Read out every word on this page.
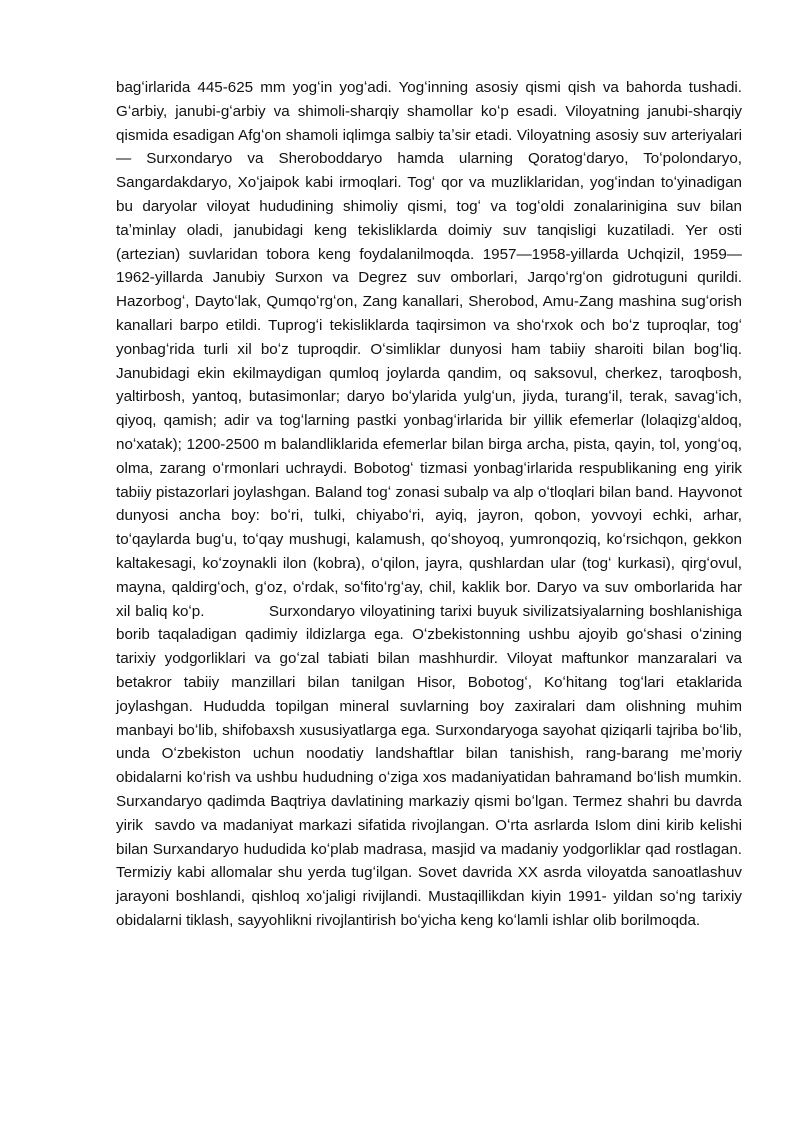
bagʻirlarida 445-625 mm yogʻin yogʻadi. Yogʻinning asosiy qismi qish va bahorda tushadi. Gʻarbiy, janubi-gʻarbiy va shimoli-sharqiy shamollar koʻp esadi. Viloyatning janubi-sharqiy qismida esadigan Afgʻon shamoli iqlimga salbiy taʼsir etadi. Viloyatning asosiy suv arteriyalari — Surxondaryo va Sheroboddaryo hamda ularning Qoratogʻdaryo, Toʻpolondaryo, Sangardakdaryo, Xoʻjaipok kabi irmoqlari. Togʻ qor va muzliklaridan, yogʻindan toʻyinadigan bu daryolar viloyat hududining shimoliy qismi, togʻ va togʻoldi zonalarinigina suv bilan taʼminlay oladi, janubidagi keng tekisliklarda doimiy suv tanqisligi kuzatiladi. Yer osti (artezian) suvlaridan tobora keng foydalanilmoqda. 1957—1958-yillarda Uchqizil, 1959—1962-yillarda Janubiy Surxon va Degrez suv omborlari, Jarqoʻrgʻon gidrotuguni qurildi. Hazorbogʻ, Daytoʻlak, Qumqoʻrgʻon, Zang kanallari, Sherobod, Amu-Zang mashina sugʻorish kanallari barpo etildi. Tuprogʻi tekisliklarda taqirsimon va shoʻrxok och boʻz tuproqlar, togʻ yonbagʻrida turli xil boʻz tuproqdir. Oʻsimliklar dunyosi ham tabiiy sharoiti bilan bogʻliq. Janubidagi ekin ekilmaydigan qumloq joylarda qandim, oq saksovul, cherkez, taroqbosh, yaltirbosh, yantoq, butasimonlar; daryo boʻylarida yulgʻun, jiyda, turangʻil, terak, savagʻich, qiyoq, qamish; adir va togʻlarning pastki yonbagʻirlarida bir yillik efemerlar (lolaqizgʻaldoq, noʻxatak); 1200-2500 m balandliklarida efemerlar bilan birga archa, pista, qayin, tol, yongʻoq, olma, zarang oʻrmonlari uchraydi. Bobotogʻ tizmasi yonbagʻirlarida respublikaning eng yirik tabiiy pistazorlari joylashgan. Baland togʻ zonasi subalp va alp oʻtloqlari bilan band. Hayvonot dunyosi ancha boy: boʻri, tulki, chiyaboʻri, ayiq, jayron, qobon, yovvoyi echki, arhar, toʻqaylarda bugʻu, toʻqay mushugi, kalamush, qoʻshoyoq, yumronqoziq, koʻrsichqon, gekkon kaltakesagi, koʻzoynakli ilon (kobra), oʻqilon, jayra, qushlardan ular (togʻ kurkasi), qirgʻovul, mayna, qaldirgʻoch, gʻoz, oʻrdak, soʻfitoʻrgʻay, chil, kaklik bor. Daryo va suv omborlarida har xil baliq koʻp.             Surxondaryo viloyatining tarixi buyuk sivilizatsiyalarning boshlanishiga borib taqaladigan qadimiy ildizlarga ega. Oʻzbekistonning ushbu ajoyib goʻshasi oʻzining tarixiy yodgorliklari va goʻzal tabiati bilan mashhurdir. Viloyat maftunkor manzaralari va betakror tabiiy manzillari bilan tanilgan Hisor, Bobotogʻ, Koʻhitang togʻlari etaklarida joylashgan. Hududda topilgan mineral suvlarning boy zaxiralari dam olishning muhim manbayi boʻlib, shifobaxsh xususiyatlarga ega. Surxondaryoga sayohat qiziqarli tajriba boʻlib, unda Oʻzbekiston uchun noodatiy landshaftlar bilan tanishish, rang-barang meʼmoriy obidalarni koʻrish va ushbu hududning oʻziga xos madaniyatidan bahramand boʻlish mumkin.  Surxandaryo qadimda Baqtriya davlatining markaziy qismi boʻlgan. Termez shahri bu davrda yirik  savdo va madaniyat markazi sifatida rivojlangan. Oʻrta asrlarda Islom dini kirib kelishi bilan Surxandaryo hududida koʻplab madrasa, masjid va madaniy yodgorliklar qad rostlagan.  Termiziy kabi allomalar shu yerda tugʻilgan. Sovet davrida XX asrda viloyatda sanoatlashuv jarayoni boshlandi, qishloq xoʻjaligi rivijlandi. Mustaqillikdan kiyin 1991- yildan soʻng tarixiy obidalarni tiklash, sayyohlikni rivojlantirish boʻyicha keng koʻlamli ishlar olib borilmoqda.
